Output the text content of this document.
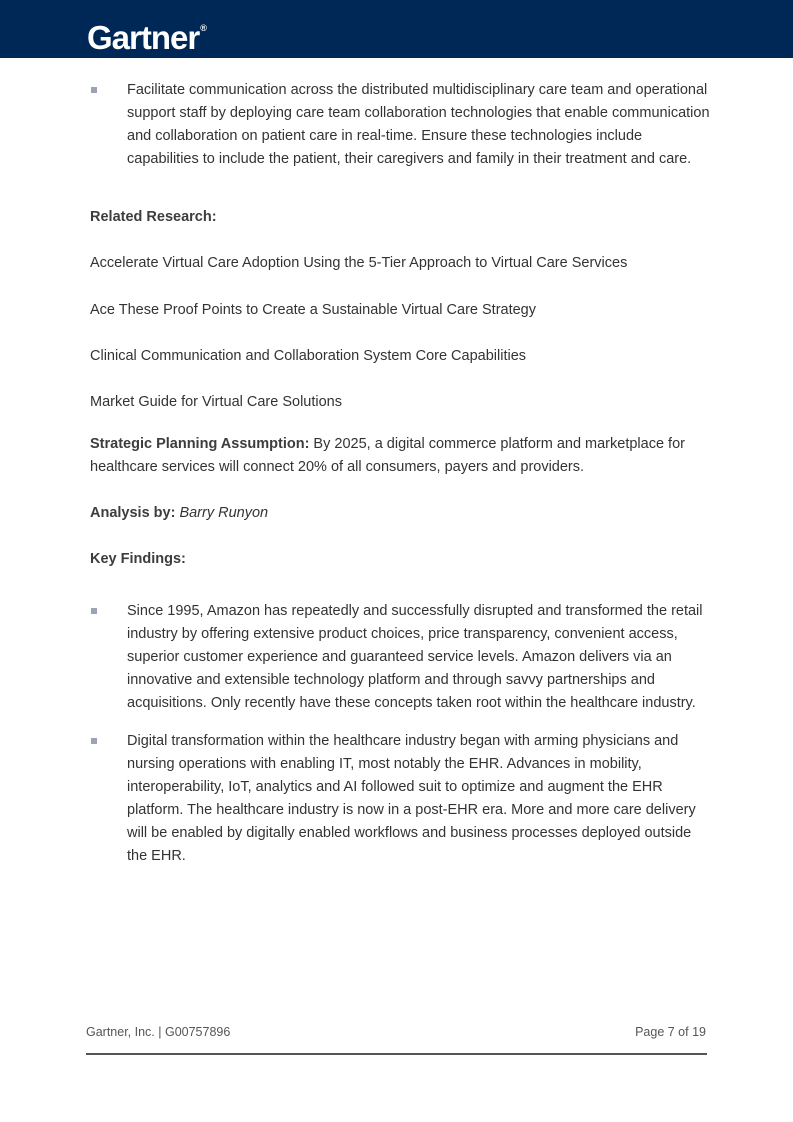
Gartner®

Facilitate communication across the distributed multidisciplinary care team and operational support staff by deploying care team collaboration technologies that enable communication and collaboration on patient care in real-time. Ensure these technologies include capabilities to include the patient, their caregivers and family in their treatment and care.

Related Research:

Accelerate Virtual Care Adoption Using the 5-Tier Approach to Virtual Care Services

Ace These Proof Points to Create a Sustainable Virtual Care Strategy

Clinical Communication and Collaboration System Core Capabilities

Market Guide for Virtual Care Solutions

Strategic Planning Assumption: By 2025, a digital commerce platform and marketplace for healthcare services will connect 20% of all consumers, payers and providers.

Analysis by: Barry Runyon

Key Findings:

Since 1995, Amazon has repeatedly and successfully disrupted and transformed the retail industry by offering extensive product choices, price transparency, convenient access, superior customer experience and guaranteed service levels. Amazon delivers via an innovative and extensible technology platform and through savvy partnerships and acquisitions. Only recently have these concepts taken root within the healthcare industry.

Digital transformation within the healthcare industry began with arming physicians and nursing operations with enabling IT, most notably the EHR. Advances in mobility, interoperability, IoT, analytics and AI followed suit to optimize and augment the EHR platform. The healthcare industry is now in a post-EHR era. More and more care delivery will be enabled by digitally enabled workflows and business processes deployed outside the EHR.

Gartner, Inc. | G00757896	Page 7 of 19
